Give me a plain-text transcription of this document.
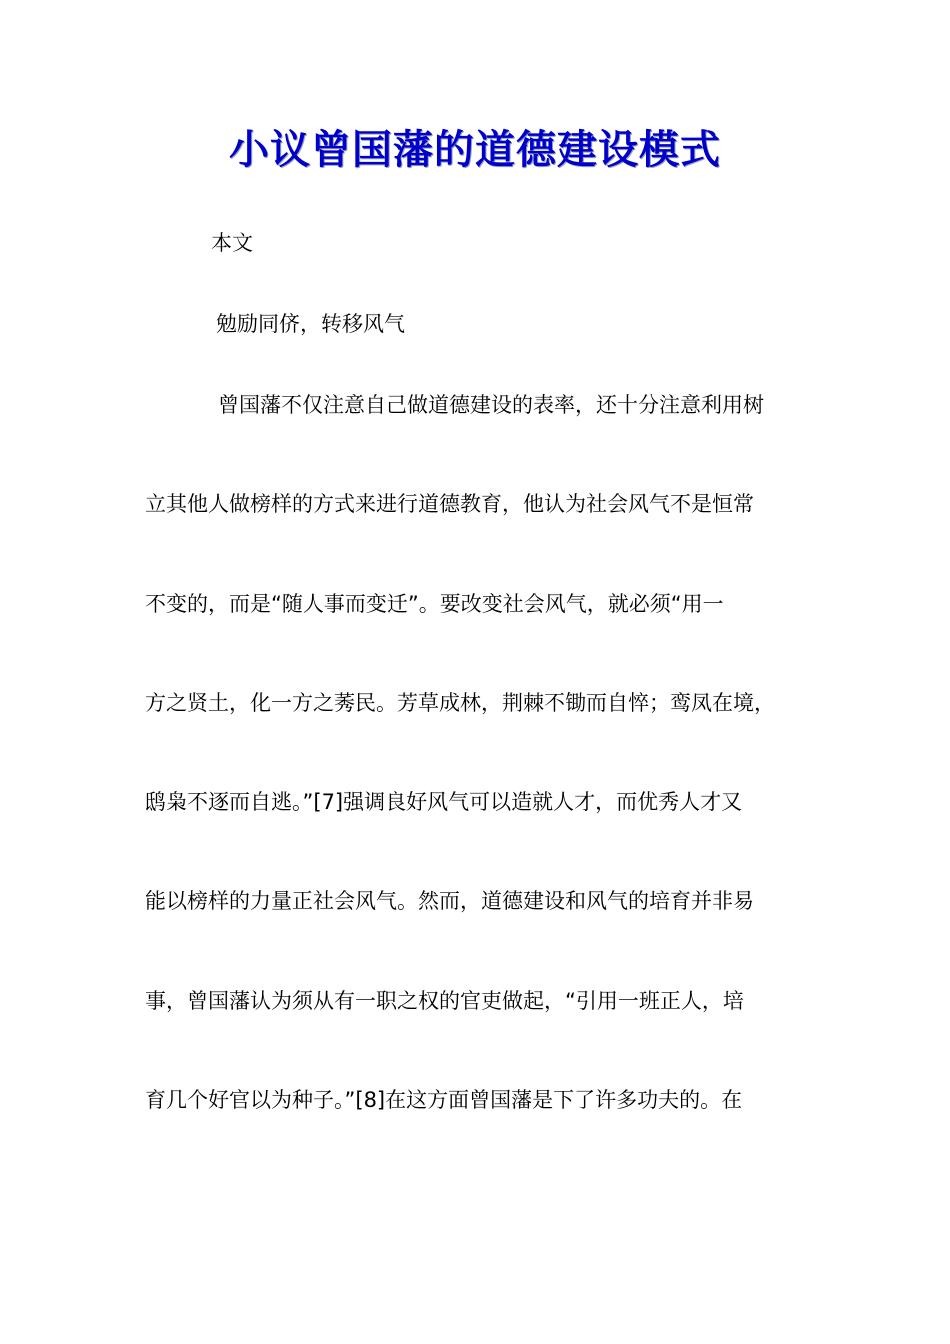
小议曾国藩的道德建设模式
本文
勉励同侪，转移风气
曾国藩不仅注意自己做道德建设的表率，还十分注意利用树
立其他人做榜样的方式来进行道德教育，他认为社会风气不是恒常
不变的，而是“随人事而变迁”。要改变社会风气，就必须“用一
方之贤土，化一方之莠民。芳草成林，荆棘不锄而自悴；鸾凤在境，
鸱枭不逐而自逃。”[7]强调良好风气可以造就人才，而优秀人才又
能以榜样的力量正社会风气。然而，道德建设和风气的培育并非易
事，曾国藩认为须从有一职之权的官吏做起，“引用一班正人，培
育几个好官以为种子。”[8]在这方面曾国藩是下了许多功夫的。在
